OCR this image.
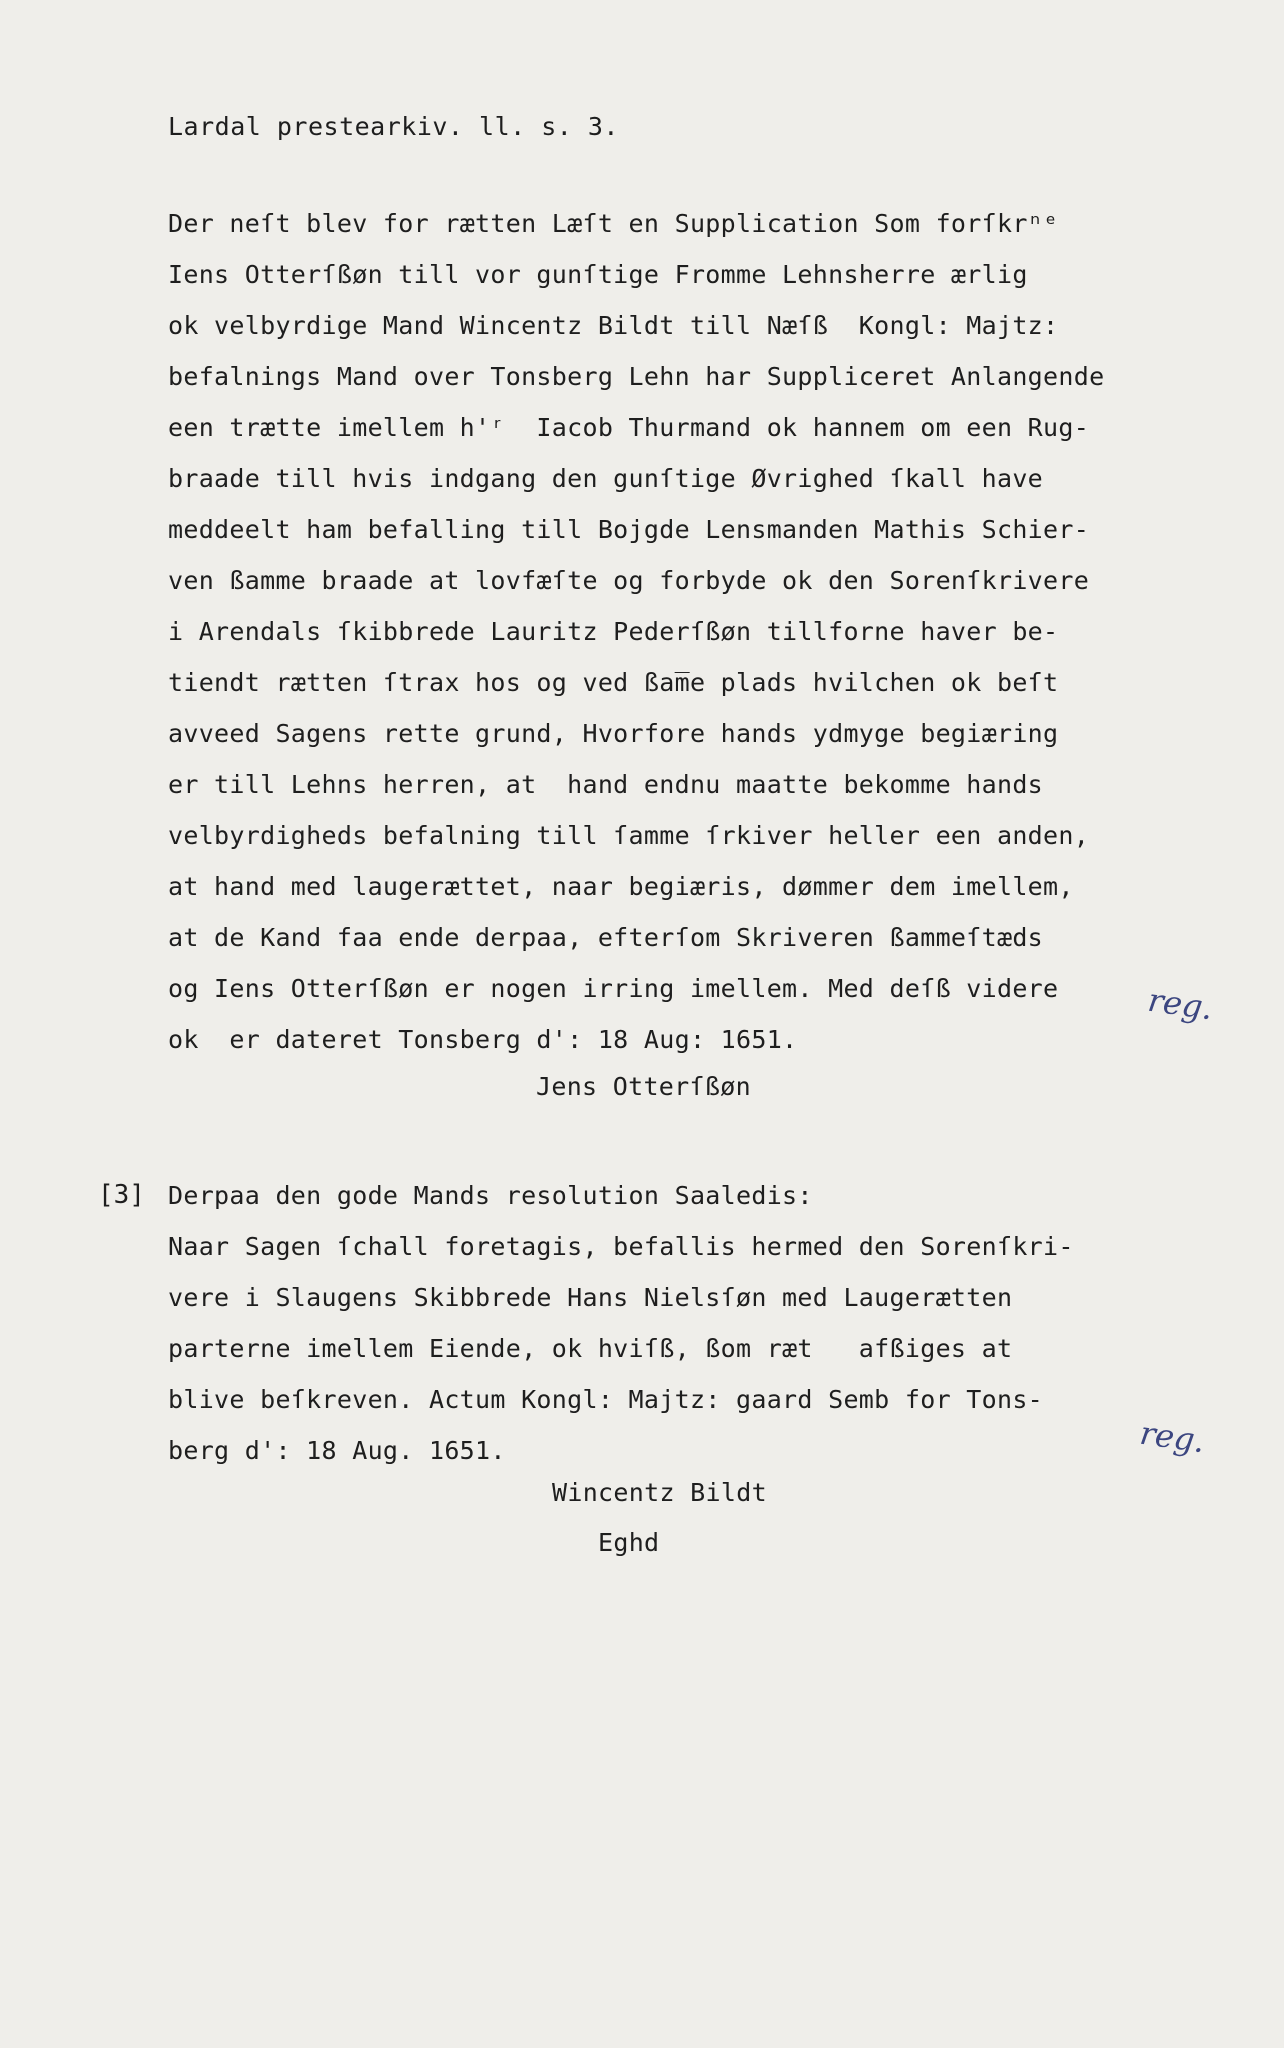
Lardal prestearkiv. ll. s. 3.
Der neſt blev for rætten Læſt en Supplication Som forſkrⁿᵉ
Iens Otterſßøn till vor gunſtige Fromme Lehnsherre ærlig
ok velbyrdige Mand Wincentz Bildt till Næſß  Kongl: Majtz:
befalnings Mand over Tonsberg Lehn har Suppliceret Anlangende
een trætte imellem h'ʳ  Iacob Thurmand ok hannem om een Rug-
braade till hvis indgang den gunſtige Øvrighed ſkall have
meddeelt ham befalling till Bojgde Lensmanden Mathis Schier-
ven ßamme braade at lovfæſte og forbyde ok den Sorenſkrivere
i Arendals ſkibbrede Lauritz Pederſßøn tillforne haver be-
tiendt rætten ſtrax hos og ved ßam̅e plads hvilchen ok beſt
avveed Sagens rette grund, Hvorfore hands ydmyge begiæring
er till Lehns herren, at  hand endnu maatte bekomme hands
velbyrdigheds befalning till ſamme ſrkiver heller een anden,
at hand med laugerættet, naar begiæris, dømmer dem imellem,
at de Kand faa ende derpaa, efterſom Skriveren ßammeſtæds
og Iens Otterſßøn er nogen irring imellem. Med deſß videre
ok  er dateret Tonsberg d': 18 Aug: 1651.
Jens Otterſßøn
[3] Derpaa den gode Mands resolution Saaledis:
Naar Sagen ſchall foretagis, befallis hermed den Sorenſkri-
vere i Slaugens Skibbrede Hans Nielsſøn med Laugerætten
parterne imellem Eiende, ok hviſß, ßom ræt   afßiges at
blive beſkreven. Actum Kongl: Majtz: gaard Semb for Tons-
berg d': 18 Aug. 1651.
Wincentz Bildt
Eghd
reg.
reg.
